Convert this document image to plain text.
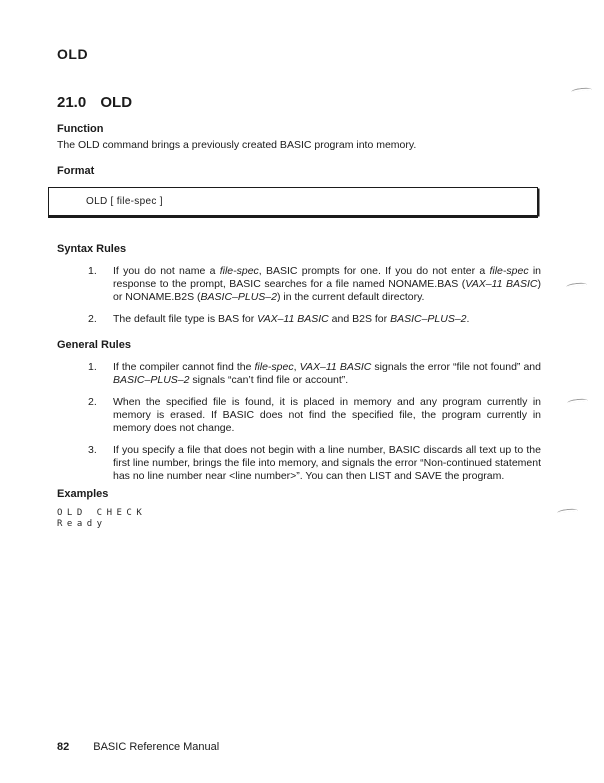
OLD
21.0 OLD
Function

The OLD command brings a previously created BASIC program into memory.

Format
OLD [ file-spec ]
Syntax Rules
1.	If you do not name a file-spec, BASIC prompts for one. If you do not enter a file-spec in response to the prompt, BASIC searches for a file named NONAME.BAS (VAX–11 BASIC) or NONAME.B2S (BASIC–PLUS–2) in the current default directory.
2.	The default file type is BAS for VAX–11 BASIC and B2S for BASIC–PLUS–2.
General Rules
1.	If the compiler cannot find the file-spec, VAX–11 BASIC signals the error “file not found” and BASIC–PLUS–2 signals “can’t find file or account”.
2.	When the specified file is found, it is placed in memory and any program currently in memory is erased. If BASIC does not find the specified file, the program currently in memory does not change.
3.	If you specify a file that does not begin with a line number, BASIC discards all text up to the first line number, brings the file into memory, and signals the error “Non-continued statement has no line number near <line number>”. You can then LIST and SAVE the program.
Examples
OLD CHECK
Ready
82 BASIC Reference Manual
